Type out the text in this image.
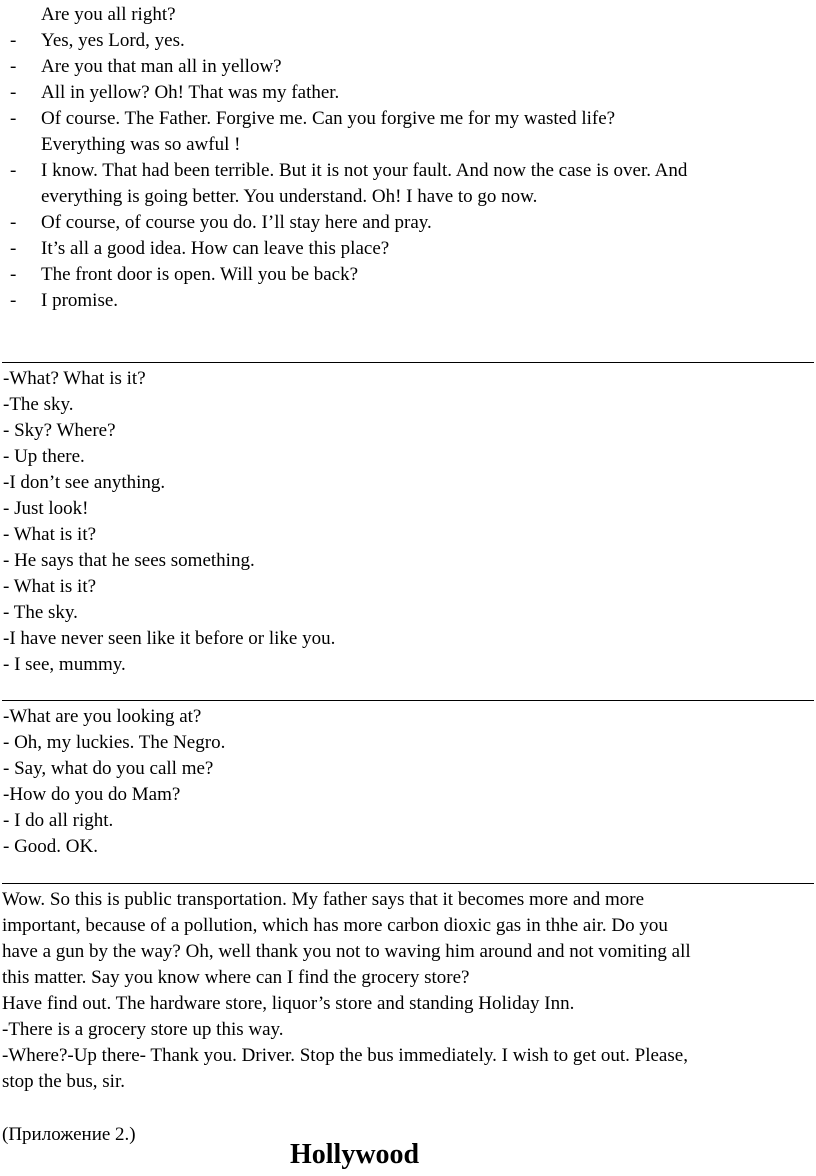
Are you all right?
- Yes, yes Lord, yes.
- Are you that man all in yellow?
- All in yellow? Oh! That was my father.
- Of course. The Father. Forgive me. Can you forgive me for my wasted life?
Everything was so awful !
- I know. That had been terrible. But it is not your fault. And now the case is over. And
everything is going better. You understand. Oh! I have to go now.
- Of course, of course you do. I’ll stay here and pray.
- It’s all a good idea. How can leave this place?
- The front door is open. Will you be back?
- I promise.
-What? What is it?
-The sky.
- Sky? Where?
- Up there.
-I don’t see anything.
- Just look!
- What is it?
- He says that he sees something.
- What is it?
- The sky.
-I have never seen like it before or like you.
- I see, mummy.
-What are you looking at?
- Oh, my luckies. The Negro.
- Say, what do you call me?
-How do you do Mam?
- I do all right.
- Good. OK.
Wow. So this is public transportation. My father says that it becomes more and more
important, because of a pollution, which has more carbon dioxic gas in thhe air. Do you
have a gun by the way? Oh, well thank you not to waving him around and not vomiting all
this matter. Say you know where can I find the grocery store?
Have find out. The hardware store, liquor’s store and standing Holiday Inn.
-There is a grocery store up this way.
-Where?-Up there- Thank you. Driver. Stop the bus immediately. I wish to get out. Please,
stop the bus, sir.
(Приложение 2.)
Hollywood
